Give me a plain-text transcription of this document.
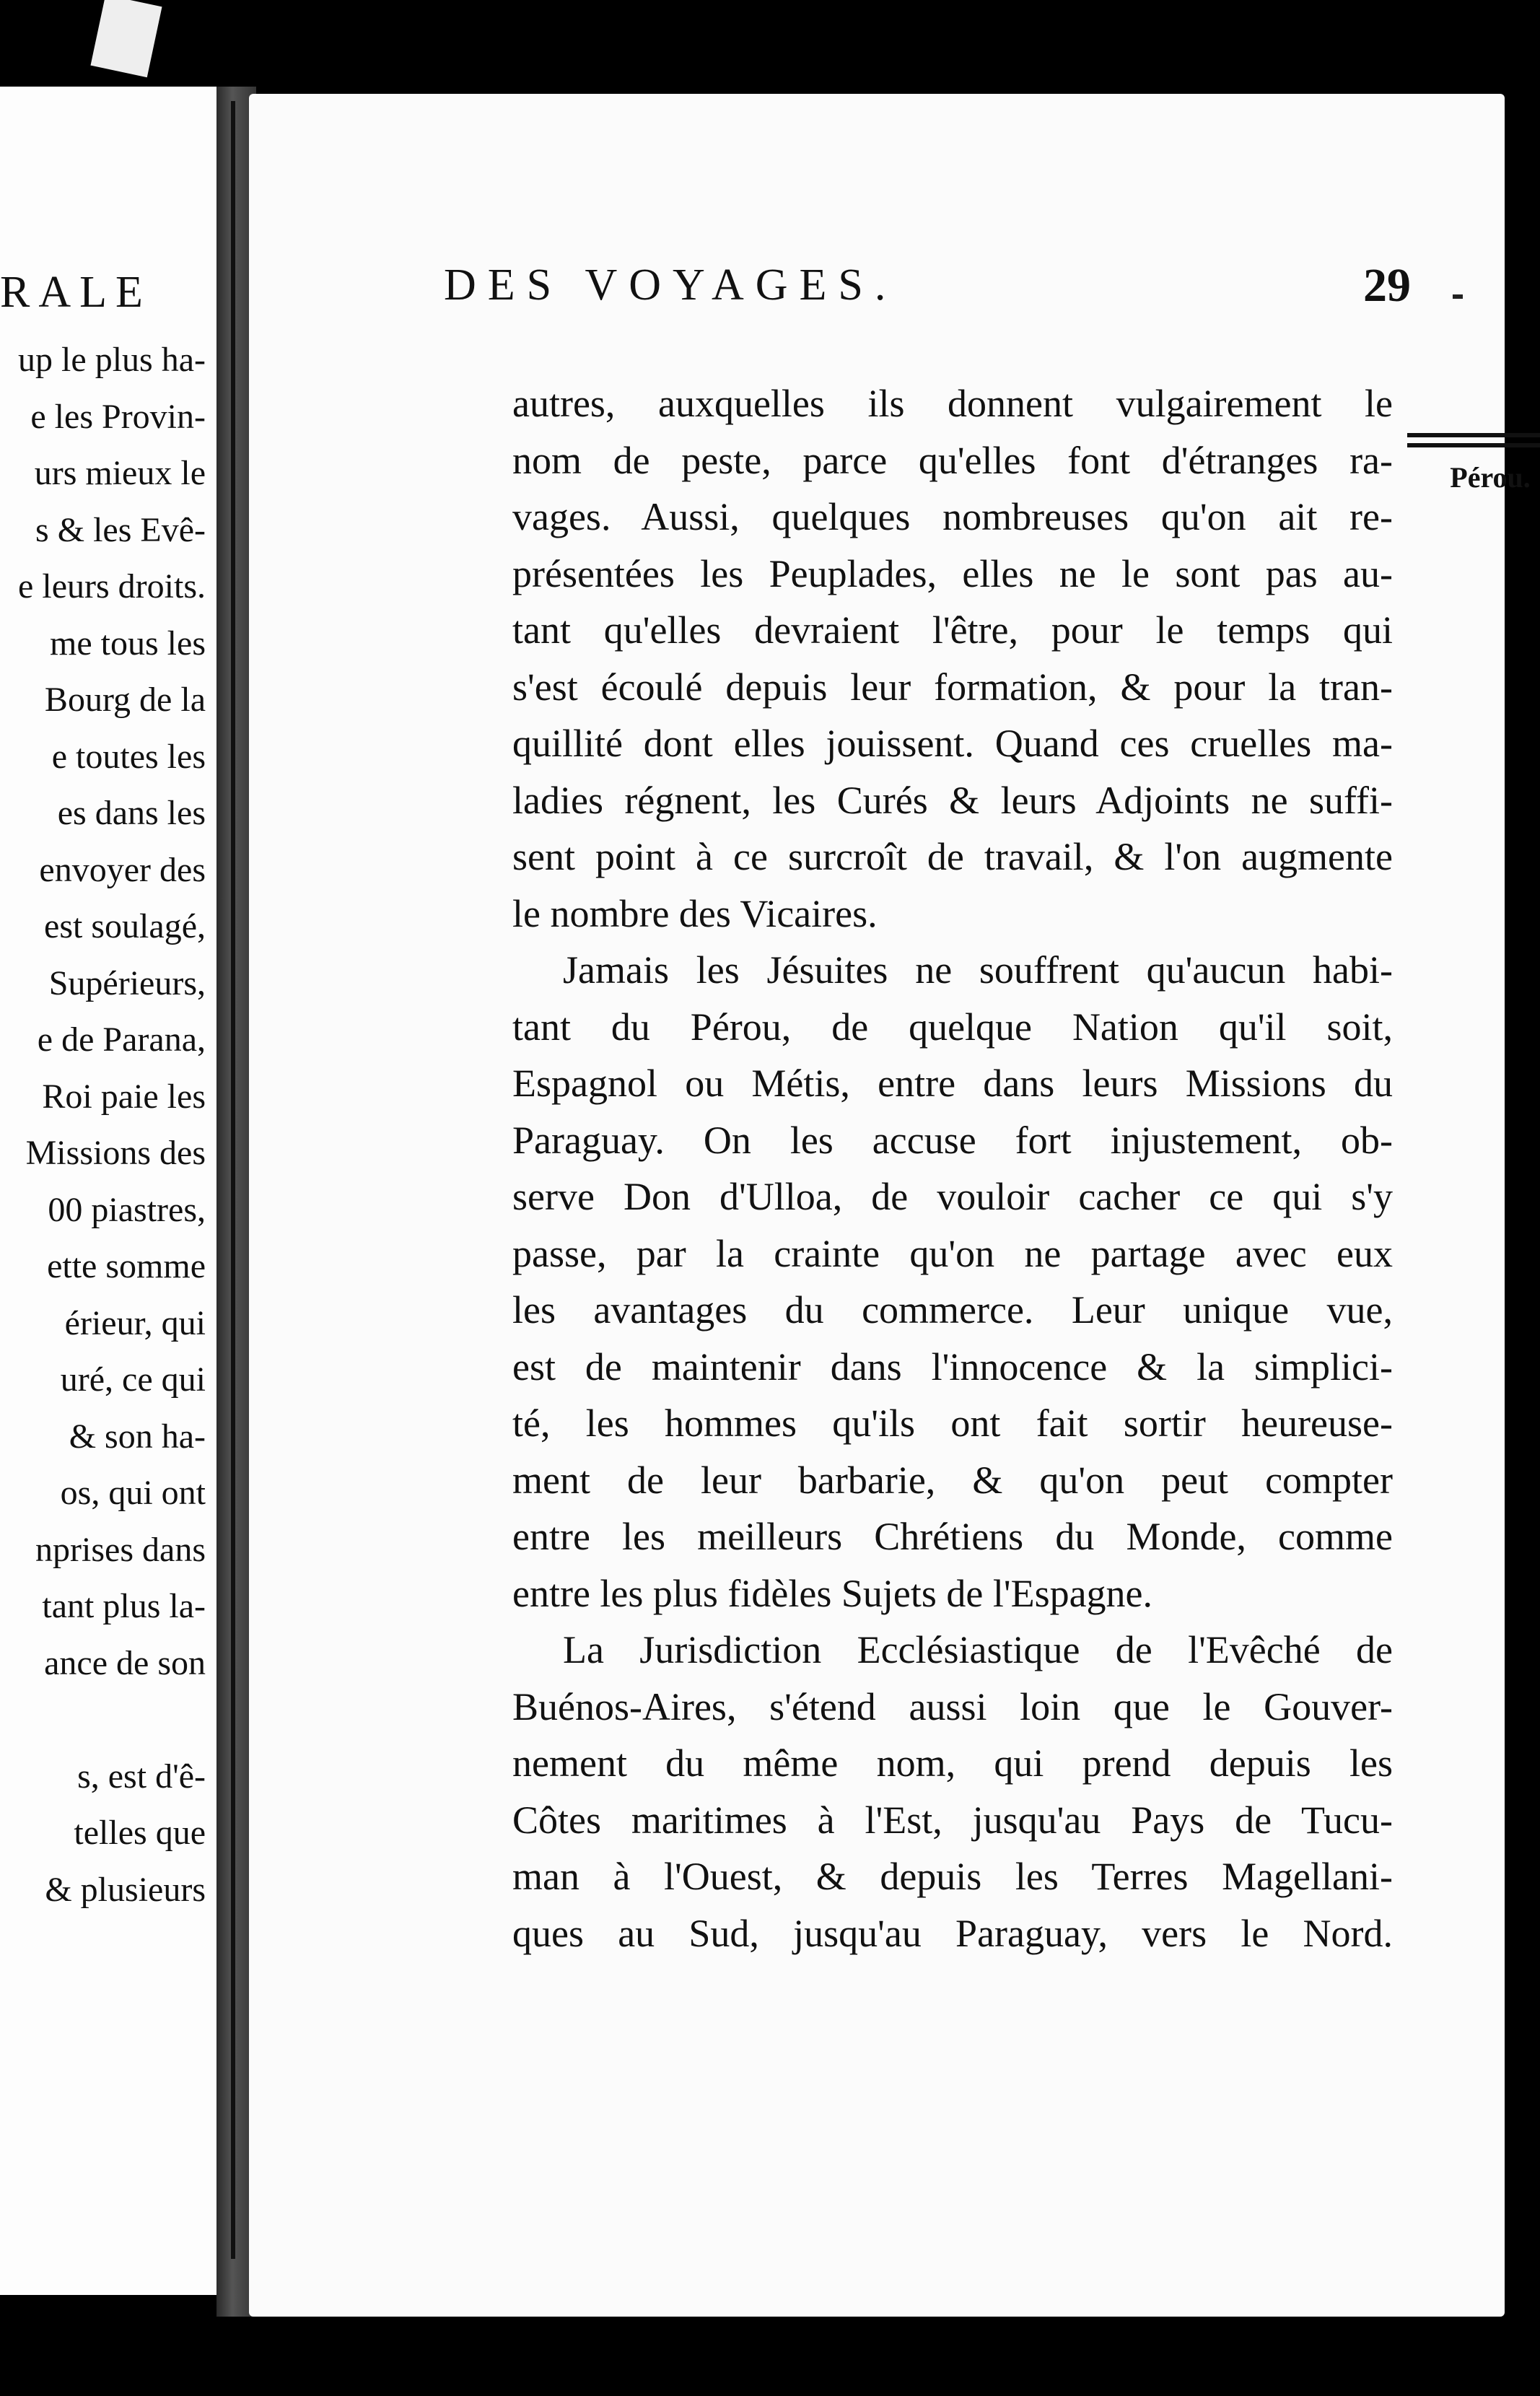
RALE
up le plus ha-
e les Provin-
urs mieux le
s & les Evê-
e leurs droits.
me tous les
Bourg de la
e toutes les
es dans les
envoyer des
est soulagé,
Supérieurs,
e de Parana,
Roi paie les
Missions des
00 piastres,
ette somme
érieur, qui
uré, ce qui
& son ha-
os, qui ont
nprises dans
tant plus la-
ance de son
s, est d'ê-
telles que
& plusieurs
DES VOYAGES.	29
autres, auxquelles ils donnent vulgairement le
nom de peste, parce qu'elles font d'étranges ra-
vages. Aussi, quelques nombreuses qu'on ait re-
présentées les Peuplades, elles ne le sont pas au-
tant qu'elles devraient l'être, pour le temps qui
s'est écoulé depuis leur formation, & pour la tran-
quillité dont elles jouissent. Quand ces cruelles ma-
ladies régnent, les Curés & leurs Adjoints ne suffi-
sent point à ce surcroît de travail, & l'on augmente
le nombre des Vicaires.
Jamais les Jésuites ne souffrent qu'aucun habi-
tant du Pérou, de quelque Nation qu'il soit,
Espagnol ou Métis, entre dans leurs Missions du
Paraguay. On les accuse fort injustement, ob-
serve Don d'Ulloa, de vouloir cacher ce qui s'y
passe, par la crainte qu'on ne partage avec eux
les avantages du commerce. Leur unique vue,
est de maintenir dans l'innocence & la simplici-
té, les hommes qu'ils ont fait sortir heureuse-
ment de leur barbarie, & qu'on peut compter
entre les meilleurs Chrétiens du Monde, comme
entre les plus fidèles Sujets de l'Espagne.
La Jurisdiction Ecclésiastique de l'Evêché de
Buénos-Aires, s'étend aussi loin que le Gouver-
nement du même nom, qui prend depuis les
Côtes maritimes à l'Est, jusqu'au Pays de Tucu-
man à l'Ouest, & depuis les Terres Magellani-
ques au Sud, jusqu'au Paraguay, vers le Nord.
Pérou.
